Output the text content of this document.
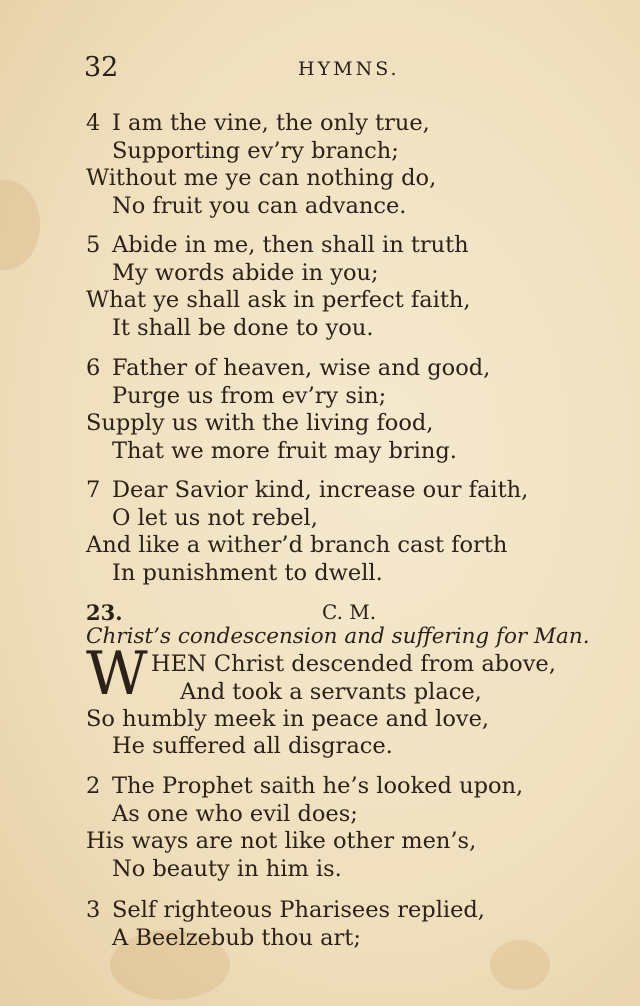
32	HYMNS.
4 I am the vine, the only true,
Supporting ev’ry branch;
Without me ye can nothing do,
No fruit you can advance.
5 Abide in me, then shall in truth
My words abide in you;
What ye shall ask in perfect faith,
It shall be done to you.
6 Father of heaven, wise and good,
Purge us from ev’ry sin;
Supply us with the living food,
That we more fruit may bring.
7 Dear Savior kind, increase our faith,
O let us not rebel,
And like a wither’d branch cast forth
In punishment to dwell.
23.	C. M.
Christ’s condescension and suffering for Man.
W HEN Christ descended from above,
And took a servants place,
So humbly meek in peace and love,
He suffered all disgrace.
2 The Prophet saith he’s looked upon,
As one who evil does;
His ways are not like other men’s,
No beauty in him is.
3 Self righteous Pharisees replied,
A Beelzebub thou art;
